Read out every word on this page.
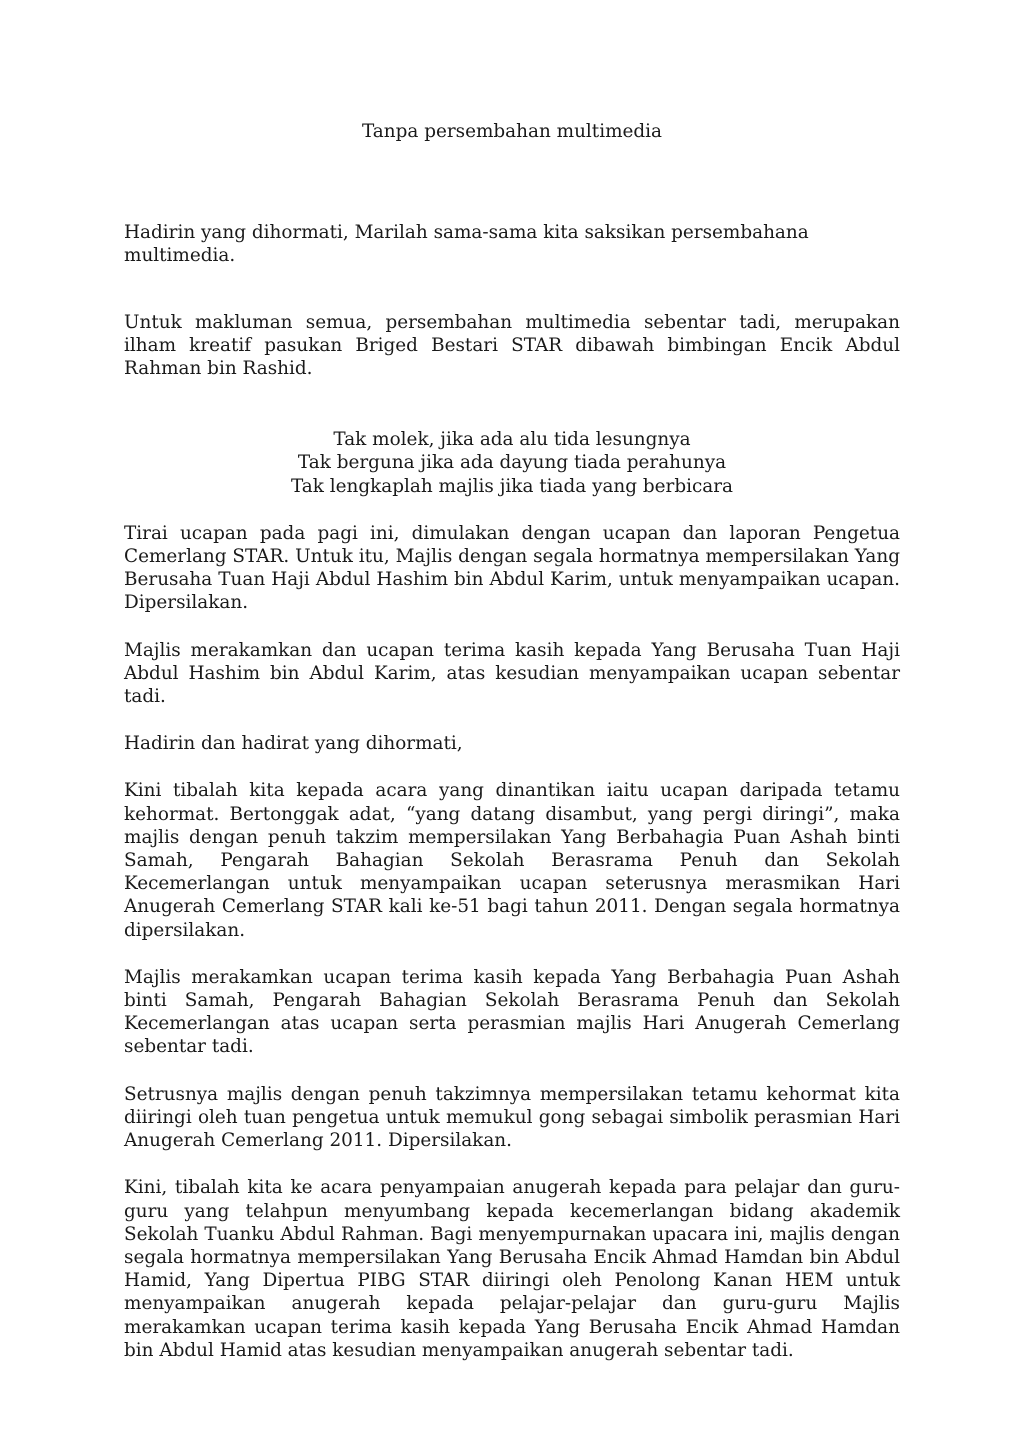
Tanpa persembahan multimedia

Hadirin yang dihormati, Marilah sama-sama kita saksikan persembahana multimedia.

Untuk makluman semua, persembahan multimedia sebentar tadi, merupakan ilham kreatif pasukan Briged Bestari STAR dibawah bimbingan Encik Abdul Rahman bin Rashid.

Tak molek, jika ada alu tida lesungnya
Tak berguna jika ada dayung tiada perahunya
Tak lengkaplah majlis jika tiada yang berbicara

Tirai ucapan pada pagi ini, dimulakan dengan ucapan dan laporan Pengetua Cemerlang STAR. Untuk itu, Majlis dengan segala hormatnya mempersilakan Yang Berusaha Tuan Haji Abdul Hashim bin Abdul Karim, untuk menyampaikan ucapan. Dipersilakan.

Majlis merakamkan dan ucapan terima kasih kepada Yang Berusaha Tuan Haji Abdul Hashim bin Abdul Karim, atas kesudian menyampaikan ucapan sebentar tadi.

Hadirin dan hadirat yang dihormati,

Kini tibalah kita kepada acara yang dinantikan iaitu ucapan daripada tetamu kehormat. Bertonggak adat, “yang datang disambut, yang pergi diringi”, maka majlis dengan penuh takzim mempersilakan Yang Berbahagia Puan Ashah binti Samah, Pengarah Bahagian Sekolah Berasrama Penuh dan Sekolah Kecemerlangan untuk menyampaikan ucapan seterusnya merasmikan Hari Anugerah Cemerlang STAR kali ke-51 bagi tahun 2011. Dengan segala hormatnya dipersilakan.

Majlis merakamkan ucapan terima kasih kepada Yang Berbahagia Puan Ashah binti Samah, Pengarah Bahagian Sekolah Berasrama Penuh dan Sekolah Kecemerlangan atas ucapan serta perasmian majlis Hari Anugerah Cemerlang sebentar tadi.

Setrusnya majlis dengan penuh takzimnya mempersilakan tetamu kehormat kita diiringi oleh tuan pengetua untuk memukul gong sebagai simbolik perasmian Hari Anugerah Cemerlang 2011. Dipersilakan.

Kini, tibalah kita ke acara penyampaian anugerah kepada para pelajar dan guru-guru yang telahpun menyumbang kepada kecemerlangan bidang akademik Sekolah Tuanku Abdul Rahman. Bagi menyempurnakan upacara ini, majlis dengan segala hormatnya mempersilakan Yang Berusaha Encik Ahmad Hamdan bin Abdul Hamid, Yang Dipertua PIBG STAR diiringi oleh Penolong Kanan HEM untuk menyampaikan anugerah kepada pelajar-pelajar dan guru-guru Majlis merakamkan ucapan terima kasih kepada Yang Berusaha Encik Ahmad Hamdan bin Abdul Hamid atas kesudian menyampaikan anugerah sebentar tadi.
